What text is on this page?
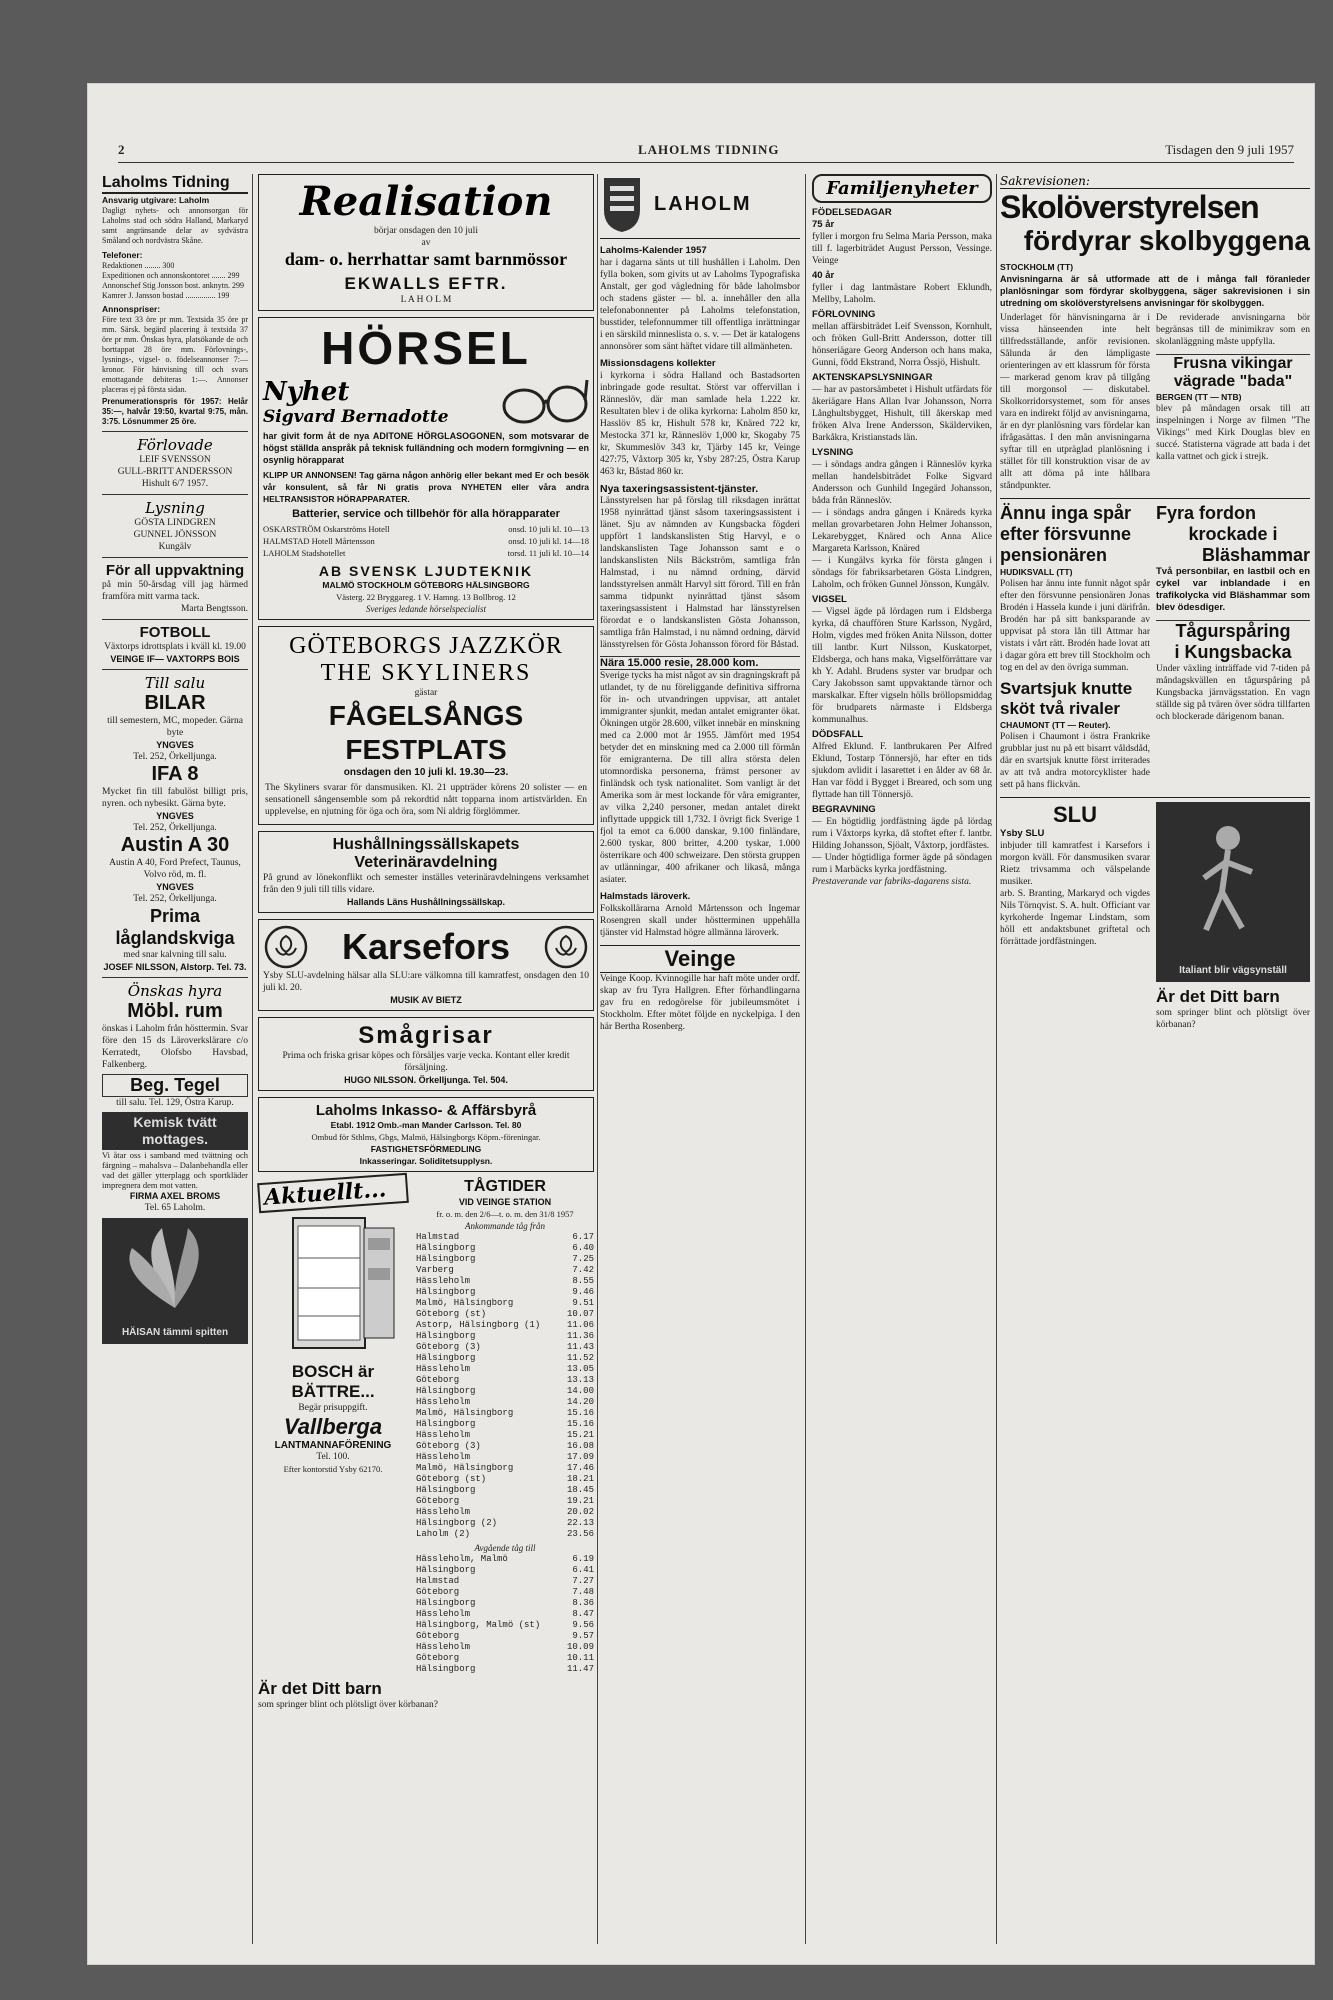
2	LAHOLMS TIDNING	Tisdagen den 9 juli 1957
Laholms Tidning

Ansvarig utgivare: Laholm

Dagligt nyhets- och annonsorgan för Laholms stad och södra Halland, Markaryd samt angränsande delar av sydvästra Småland och nordvästra Skåne.

Telefoner:

Redaktionen ........ 300

Expeditionen och annonskontoret ....... 299

Annonschef Stig Jonsson bost. anknytn. 299

Kamrer J. Jansson bostad ............... 199

Annonspriser:

Före text 33 öre pr mm. Textsida 35 öre pr mm. Särsk. begärd placering å textsida 37 öre pr mm. Önskas hyra, platsökande de och borttappat 28 öre mm. Förlovnings-, lysnings-, vigsel- o. födelseannonser 7:— kronor. För hänvisning till och svars emottagande debiteras 1:—. Annonser placeras ej på första sidan.

Prenumerationspris för 1957: Helår 35:—, halvår 19:50, kvartal 9:75, mån. 3:75. Lösnummer 25 öre.

Förlovade
LEIF SVENSSON
GULL-BRITT ANDERSSON
Hishult 6/7 1957.
Lysning
GÖSTA LINDGREN
GUNNEL JÖNSSON
Kungälv
För all uppvaktning

på min 50-årsdag vill jag härmed framföra mitt varma tack.

Marta Bengtsson.

FOTBOLL

Växtorps idrottsplats i kväll kl. 19.00

VEINGE IF— VAXTORPS BOIS

Till salu
BILAR

till semestern, MC, mopeder. Gärna byte

YNGVES

Tel. 252, Örkelljunga.

IFA 8

Mycket fin till fabulöst billigt pris, nyren. och nybesikt. Gärna byte.

YNGVES

Tel. 252, Örkelljunga.

Austin A 30

Austin A 40, Ford Prefect, Taunus, Volvo röd, m. fl.

YNGVES

Tel. 252, Örkelljunga.

Prima låglandskviga

med snar kalvning till salu.

JOSEF NILSSON, Alstorp. Tel. 73.

Önskas hyra
Möbl. rum

önskas i Laholm från hösttermin. Svar före den 15 ds Läroverkslärare c/o Kerratedt, Olofsbo Havsbad, Falkenberg.

Beg. Tegel

till salu. Tel. 129, Östra Karup.

Kemisk tvätt mottages.

Vi åtar oss i samband med tvättning och färgning – mahalsva – Dalanbehandla eller vad det gäller ytterplagg och sportkläder impregnera dem mot vatten.

FIRMA AXEL BROMS

Tel. 65 Laholm.

HÄISAN tämmi spitten
Realisation
börjar onsdagen den 10 juli
av
dam- o. herrhattar samt barnmössor
EKWALLS EFTR.
L A H O L M
HÖRSEL
Nyhet
Sigvard Bernadotte

har givit form åt de nya ADITONE HÖRGLASOGONEN, som motsvarar de högst ställda anspråk på teknisk fulländning och modern formgivning — en osynlig hörapparat

KLIPP UR ANNONSEN! Tag gärna någon anhörig eller bekant med Er och besök vår konsulent, så får Ni gratis prova NYHETEN eller våra andra HELTRANSISTOR HÖRAPPARATER.

Batterier, service och tillbehör för alla hörapparater
OSKARSTRÖM Oskarströms Hotell	onsd. 10 juli kl. 10—13
HALMSTAD Hotell Mårtensson	onsd. 10 juli kl. 14—18
LAHOLM Stadshotellet	torsd. 11 juli kl. 10—14
AB SVENSK LJUDTEKNIK
MALMÖ STOCKHOLM GÖTEBORG HÄLSINGBORG
Västerg. 22 Bryggareg. 1 V. Hamng. 13 Bollbrog. 12
Sveriges ledande hörselspecialist
GÖTEBORGS JAZZKÖR
THE SKYLINERS
gästar
FÅGELSÅNGS FESTPLATS
onsdagen den 10 juli kl. 19.30—23.

The Skyliners svarar för dansmusiken. Kl. 21 uppträder körens 20 solister — en sensationell sångensemble som på rekordtid nått topparna inom artistvärlden. En upplevelse, en njutning för öga och öra, som Ni aldrig förglömmer.

Hushållningssällskapets Veterinäravdelning

På grund av lönekonflikt och semester inställes veterinäravdelningens verksamhet från den 9 juli till tills vidare.

Hallands Läns Hushållningssällskap.

Karsefors

Ysby SLU-avdelning hälsar alla SLU:are välkomna till kamratfest, onsdagen den 10 juli kl. 20.

MUSIK AV BIETZ

Smågrisar

Prima och friska grisar köpes och försäljes varje vecka. Kontant eller kredit försäljning.

HUGO NILSSON. Örkelljunga. Tel. 504.

Laholms Inkasso- & Affärsbyrå

Etabl. 1912 Omb.-man Mander Carlsson. Tel. 80

Ombud för Sthlms, Gbgs, Malmö, Hälsingborgs Köpm.-föreningar.

FASTIGHETSFÖRMEDLING

Inkasseringar. Soliditetsupplysn.

Aktuellt...
BOSCH är BÄTTRE...

Begär prisuppgift.

Vallberga
LANTMANNAFÖRENING

Tel. 100.

Efter kontorstid Ysby 62170.

TÅGTIDER
VID VEINGE STATION
fr. o. m. den 2/6—t. o. m. den 31/8 1957
Ankommande tåg från
Halmstad	6.17
Hälsingborg	6.40
Hälsingborg	7.25
Varberg	7.42
Hässleholm	8.55
Hälsingborg	9.46
Malmö, Hälsingborg	9.51
Göteborg (st)	10.07
Astorp, Hälsingborg (1)	11.06
Hälsingborg	11.36
Göteborg (3)	11.43
Hälsingborg	11.52
Hässleholm	13.05
Göteborg	13.13
Hälsingborg	14.00
Hässleholm	14.20
Malmö, Hälsingborg	15.16
Hälsingborg	15.16
Hässleholm	15.21
Göteborg (3)	16.08
Hässleholm	17.09
Malmö, Hälsingborg	17.46
Göteborg (st)	18.21
Hälsingborg	18.45
Göteborg	19.21
Hässleholm	20.02
Hälsingborg (2)	22.13
Laholm (2)	23.56
Avgående tåg till
Hässleholm, Malmö	6.19
Hälsingborg	6.41
Halmstad	7.27
Göteborg	7.48
Hälsingborg	8.36
Hässleholm	8.47
Hälsingborg, Malmö (st)	9.56
Göteborg	9.57
Hässleholm	10.09
Göteborg	10.11
Hälsingborg	11.47
Är det Ditt barn

som springer blint och plötsligt över körbanan?

LAHOLM

Laholms-Kalender 1957

har i dagarna sänts ut till hushållen i Laholm. Den fylla boken, som givits ut av Laholms Typografiska Anstalt, ger god vägledning för både laholmsbor och stadens gäster — bl. a. innehåller den alla telefonabonnenter på Laholms telefonstation, busstider, telefonnummer till offentliga inrättningar i en särskild minneslista o. s. v. — Det är katalogens annonsörer som sänt häftet vidare till allmänheten.

Missionsdagens kollekter

i kyrkorna i södra Halland och Bastadsorten inbringade gode resultat. Störst var offervillan i Ränneslöv, där man samlade hela 1.222 kr. Resultaten blev i de olika kyrkorna: Laholm 850 kr, Hasslöv 85 kr, Hishult 578 kr, Knäred 722 kr, Mestocka 371 kr, Ränneslöv 1,000 kr, Skogaby 75 kr, Skummeslöv 343 kr, Tjärby 145 kr, Veinge 427:75, Våxtorp 305 kr, Ysby 287:25, Östra Karup 463 kr, Båstad 860 kr.

Nya taxeringsassistent-tjänster.

Länsstyrelsen har på förslag till riksdagen inrättat 1958 nyinrättad tjänst såsom taxeringsassistent i länet. Sju av nämnden av Kungsbacka fögderi uppfört 1 landskanslisten Stig Harvyl, e o landskanslisten Tage Johansson samt e o landskanslisten Nils Bäckström, samtliga från Halmstad, i nu nämnd ordning, därvid landsstyrelsen anmält Harvyl sitt förord. Till en från samma tidpunkt nyinrättad tjänst såsom taxeringsassistent i Halmstad har länsstyrelsen förordat e o landskanslisten Gösta Johansson, samtliga från Halmstad, i nu nämnd ordning, därvid länsstyrelsen för Gösta Johansson förord för Båstad.

Nära 15.000 resie, 28.000 kom.

Sverige tycks ha mist något av sin dragningskraft på utlandet, ty de nu föreliggande definitiva siffrorna för in- och utvandringen uppvisar, att antalet immigranter sjunkit, medan antalet emigranter ökat. Ökningen utgör 28.600, vilket innebär en minskning med ca 2.000 mot år 1955. Jämfört med 1954 betyder det en minskning med ca 2.000 till förmån för emigranterna. De till allra största delen utomnordiska personerna, främst personer av finländsk och tysk nationalitet. Som vanligt är det Amerika som är mest lockande för våra emigranter, av vilka 2,240 personer, medan antalet direkt inflyttade uppgick till 1,732. I övrigt fick Sverige 1 fjol ta emot ca 6.000 danskar, 9.100 finländare, 2.600 tyskar, 800 britter, 4.200 tyskar, 1.000 österrikare och 400 schweizare. Den största gruppen av utlänningar, 400 afrikaner och likaså, många asiater.

Halmstads läroverk.

Folkskollärarna Arnold Mårtensson och Ingemar Rosengren skall under höstterminen uppehålla tjänster vid Halmstad högre allmänna läroverk.

Veinge

Veinge Koop. Kvinnogille har haft möte under ordf. skap av fru Tyra Hallgren. Efter förhandlingarna gav fru en redogörelse för jubileumsmötet i Stockholm. Efter mötet följde en nyckelpiga. I den här Bertha Rosenberg.

Familjenyheter

FÖDELSEDAGAR

75 år

fyller i morgon fru Selma Maria Persson, maka till f. lagerbiträdet August Persson, Vessinge. Veinge

40 år

fyller i dag lantmästare Robert Eklundh, Mellby, Laholm.

FÖRLOVNING

mellan affärsbiträdet Leif Svensson, Kornhult, och fröken Gull-Britt Andersson, dotter till hönseriägare Georg Anderson och hans maka, Gunni, född Ekstrand, Norra Össjö, Hishult.

AKTENSKAPSLYSNINGAR

— har av pastorsämbetet i Hishult utfärdats för åkeriägare Hans Allan Ivar Johansson, Norra Långhultsbygget, Hishult, till åkerskap med fröken Alva Irene Andersson, Skälderviken, Barkåkra, Kristianstads län.

LYSNING

— i söndags andra gången i Ränneslöv kyrka mellan handelsbiträdet Folke Sigvard Andersson och Gunhild Ingegärd Johansson, båda från Ränneslöv.

— i söndags andra gången i Knäreds kyrka mellan grovarbetaren John Helmer Johansson, Lekarebygget, Knäred och Anna Alice Margareta Karlsson, Knäred

— i Kungälvs kyrka för första gången i söndags för fabriksarbetaren Gösta Lindgren, Laholm, och fröken Gunnel Jönsson, Kungälv.

VIGSEL

— Vigsel ägde på lördagen rum i Eldsberga kyrka, då chauffören Sture Karlsson, Nygård, Holm, vigdes med fröken Anita Nilsson, dotter till lantbr. Kurt Nilsson, Kuskatorpet, Eldsberga, och hans maka, Vigselförrättare var kh Y. Adahl. Brudens syster var brudpar och Cary Jakobsson samt uppvaktande tärnor och marskalkar. Efter vigseln hölls bröllopsmiddag för brudparets närmaste i Eldsberga kommunalhus.

DÖDSFALL

Alfred Eklund. F. lantbrukaren Per Alfred Eklund, Tostarp Tönnersjö, har efter en tids sjukdom avlidit i lasarettet i en ålder av 68 år. Han var född i Bygget i Breared, och som ung flyttade han till Tönnersjö.

BEGRAVNING

— En högtidlig jordfästning ägde på lördag rum i Våxtorps kyrka, då stoftet efter f. lantbr. Hilding Johansson, Sjöalt, Våxtorp, jordfästes.

— Under högtidliga former ägde på söndagen rum i Marbäcks kyrka jordfästning.

Prestaverande var fabriks-dagarens sista.

Sakrevisionen:
Skolöverstyrelsen
fördyrar skolbyggena

STOCKHOLM (TT)

Anvisningarna är så utformade att de i många fall föranleder planlösningar som fördyrar skolbyggena, säger sakrevisionen i sin utredning om skolöverstyrelsens anvisningar för skolbyggen.

Underlaget för hänvisningarna är i vissa hänseenden inte helt tillfredsställande, anför revisionen. Sålunda är den lämpligaste orienteringen av ett klassrum för första — markerad genom krav på tillgång till morgonsol — diskutabel. Skolkorridorsystemet, som för anses vara en indirekt följd av anvisningarna, är en dyr planlösning vars fördelar kan ifrågasättas. I den mån anvisningarna syftar till en utpräglad planlösning i stället för till konstruktion visar de av allt att döma på inte hållbara ståndpunkter.

De reviderade anvisningarna bör begränsas till de minimikrav som en skolanläggning måste uppfylla.

Frusna vikingar
vägrade "bada"

BERGEN (TT — NTB)

blev på måndagen orsak till att inspelningen i Norge av filmen "The Vikings" med Kirk Douglas blev en succé. Statisterna vägrade att bada i det kalla vattnet och gick i strejk.

Ännu inga spår
efter försvunne
pensionären

HUDIKSVALL (TT)

Polisen har ännu inte funnit något spår efter den försvunne pensionären Jonas Brodén i Hassela kunde i juni därifrån. Brodén har på sitt banksparande av uppvisat på stora lån till Attmar har vistats i vårt rätt. Brodén hade lovat att i dagar göra ett brev till Stockholm och tog en del av den övriga summan.

Svartsjuk knutte
sköt två rivaler

CHAUMONT (TT — Reuter).

Polisen i Chaumont i östra Frankrike grubblar just nu på ett bisarrt våldsdåd, där en svartsjuk knutte först irriterades av att två andra motorcyklister hade sett på hans flickvän.

Fyra fordon
krockade i
Bläshammar

Två personbilar, en lastbil och en cykel var inblandade i en trafikolycka vid Bläshammar som blev ödesdiger.

Tågurspåring
i Kungsbacka

Under växling inträffade vid 7-tiden på måndagskvällen en tågurspåring på Kungsbacka järnvägsstation. En vagn ställde sig på tvären över södra tillfarten och blockerade därigenom banan.

SLU

Ysby SLU

inbjuder till kamratfest i Karsefors i morgon kväll. För dansmusiken svarar Rietz trivsamma och välspelande musiker.

arb. S. Branting, Markaryd och vigdes Nils Törnqvist. S. A. hult. Officiant var kyrkoherde Ingemar Lindstam, som höll ett andaktsbunet griftetal och förrättade jordfästningen.

Italiant blir vägsynställ
Är det Ditt barn

som springer blint och plötsligt över körbanan?
